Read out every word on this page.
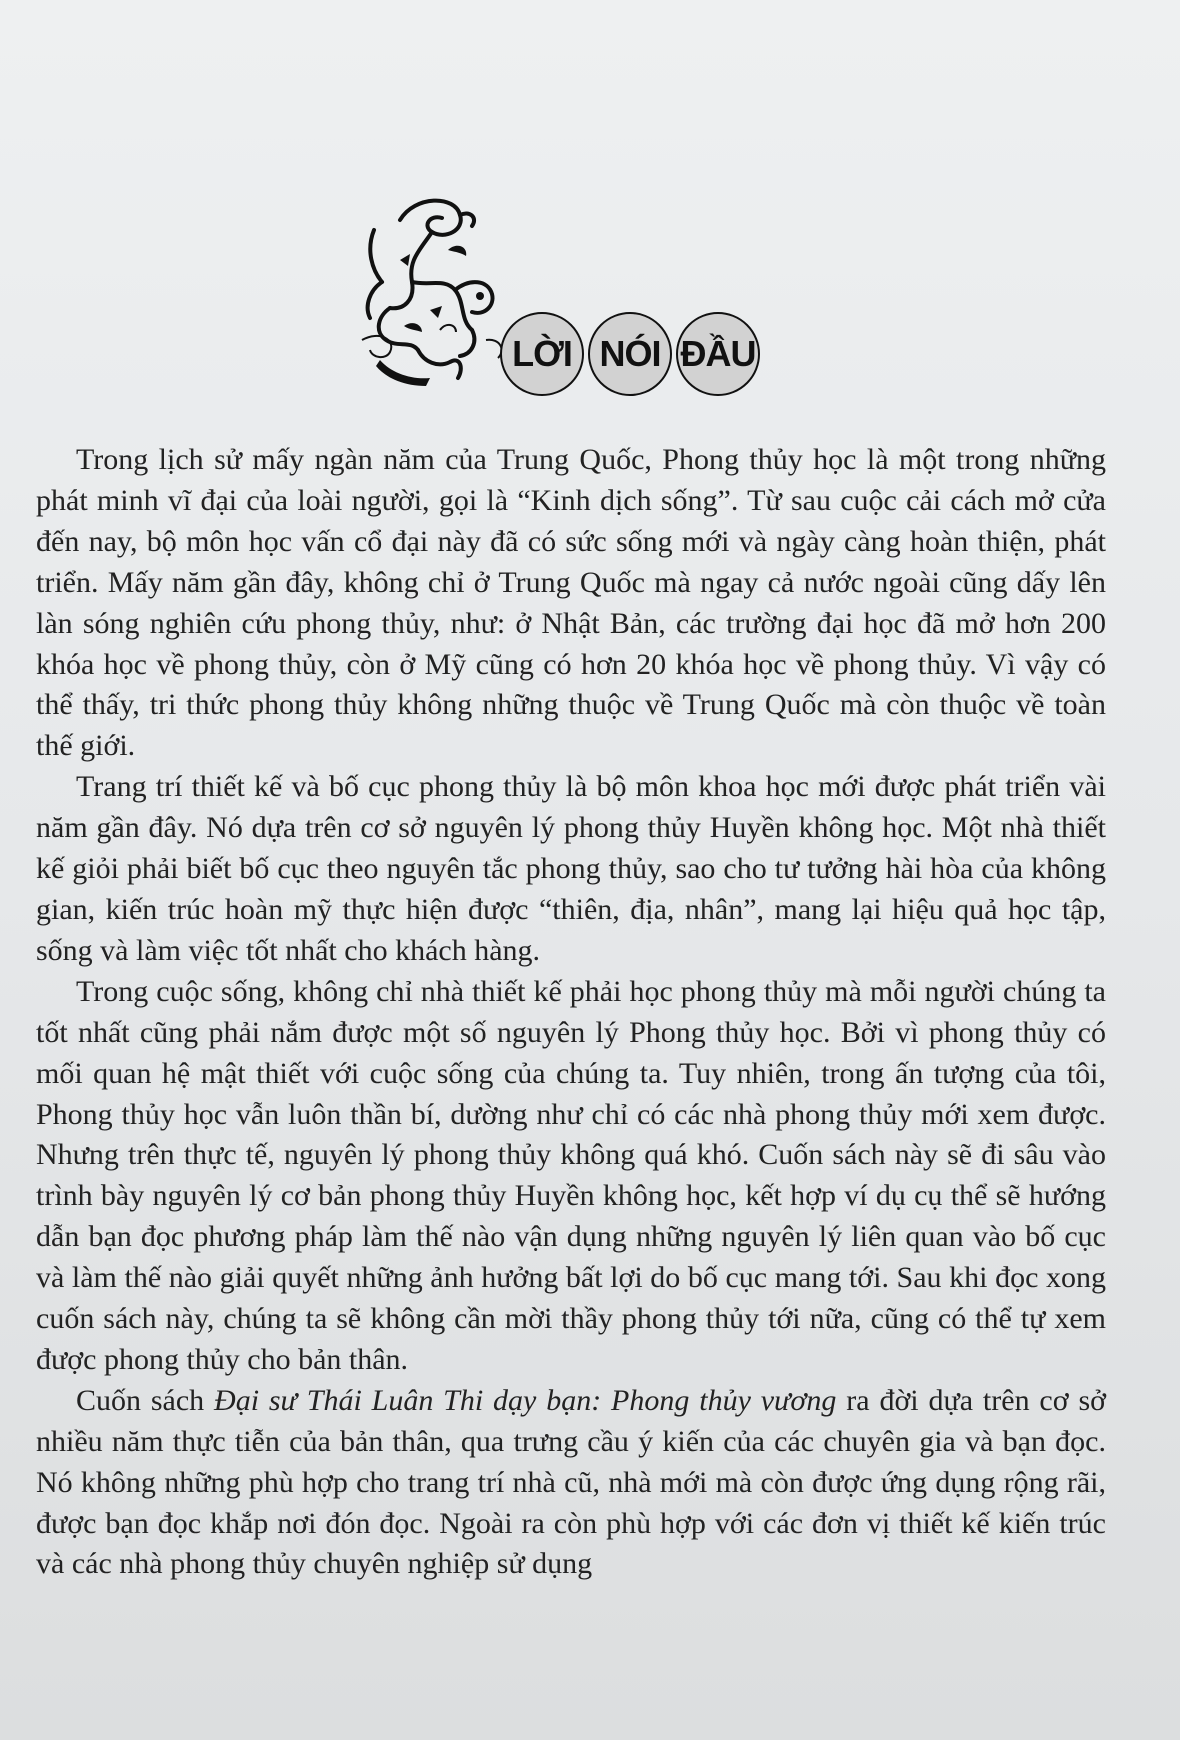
LỜI NÓI ĐẦU

Trong lịch sử mấy ngàn năm của Trung Quốc, Phong thủy học là một trong những phát minh vĩ đại của loài người, gọi là “Kinh dịch sống”. Từ sau cuộc cải cách mở cửa đến nay, bộ môn học vấn cổ đại này đã có sức sống mới và ngày càng hoàn thiện, phát triển. Mấy năm gần đây, không chỉ ở Trung Quốc mà ngay cả nước ngoài cũng dấy lên làn sóng nghiên cứu phong thủy, như: ở Nhật Bản, các trường đại học đã mở hơn 200 khóa học về phong thủy, còn ở Mỹ cũng có hơn 20 khóa học về phong thủy. Vì vậy có thể thấy, tri thức phong thủy không những thuộc về Trung Quốc mà còn thuộc về toàn thế giới.

Trang trí thiết kế và bố cục phong thủy là bộ môn khoa học mới được phát triển vài năm gần đây. Nó dựa trên cơ sở nguyên lý phong thủy Huyền không học. Một nhà thiết kế giỏi phải biết bố cục theo nguyên tắc phong thủy, sao cho tư tưởng hài hòa của không gian, kiến trúc hoàn mỹ thực hiện được “thiên, địa, nhân”, mang lại hiệu quả học tập, sống và làm việc tốt nhất cho khách hàng.

Trong cuộc sống, không chỉ nhà thiết kế phải học phong thủy mà mỗi người chúng ta tốt nhất cũng phải nắm được một số nguyên lý Phong thủy học. Bởi vì phong thủy có mối quan hệ mật thiết với cuộc sống của chúng ta. Tuy nhiên, trong ấn tượng của tôi, Phong thủy học vẫn luôn thần bí, dường như chỉ có các nhà phong thủy mới xem được. Nhưng trên thực tế, nguyên lý phong thủy không quá khó. Cuốn sách này sẽ đi sâu vào trình bày nguyên lý cơ bản phong thủy Huyền không học, kết hợp ví dụ cụ thể sẽ hướng dẫn bạn đọc phương pháp làm thế nào vận dụng những nguyên lý liên quan vào bố cục và làm thế nào giải quyết những ảnh hưởng bất lợi do bố cục mang tới. Sau khi đọc xong cuốn sách này, chúng ta sẽ không cần mời thầy phong thủy tới nữa, cũng có thể tự xem được phong thủy cho bản thân.

Cuốn sách Đại sư Thái Luân Thi dạy bạn: Phong thủy vương ra đời dựa trên cơ sở nhiều năm thực tiễn của bản thân, qua trưng cầu ý kiến của các chuyên gia và bạn đọc. Nó không những phù hợp cho trang trí nhà cũ, nhà mới mà còn được ứng dụng rộng rãi, được bạn đọc khắp nơi đón đọc. Ngoài ra còn phù hợp với các đơn vị thiết kế kiến trúc và các nhà phong thủy chuyên nghiệp sử dụng
